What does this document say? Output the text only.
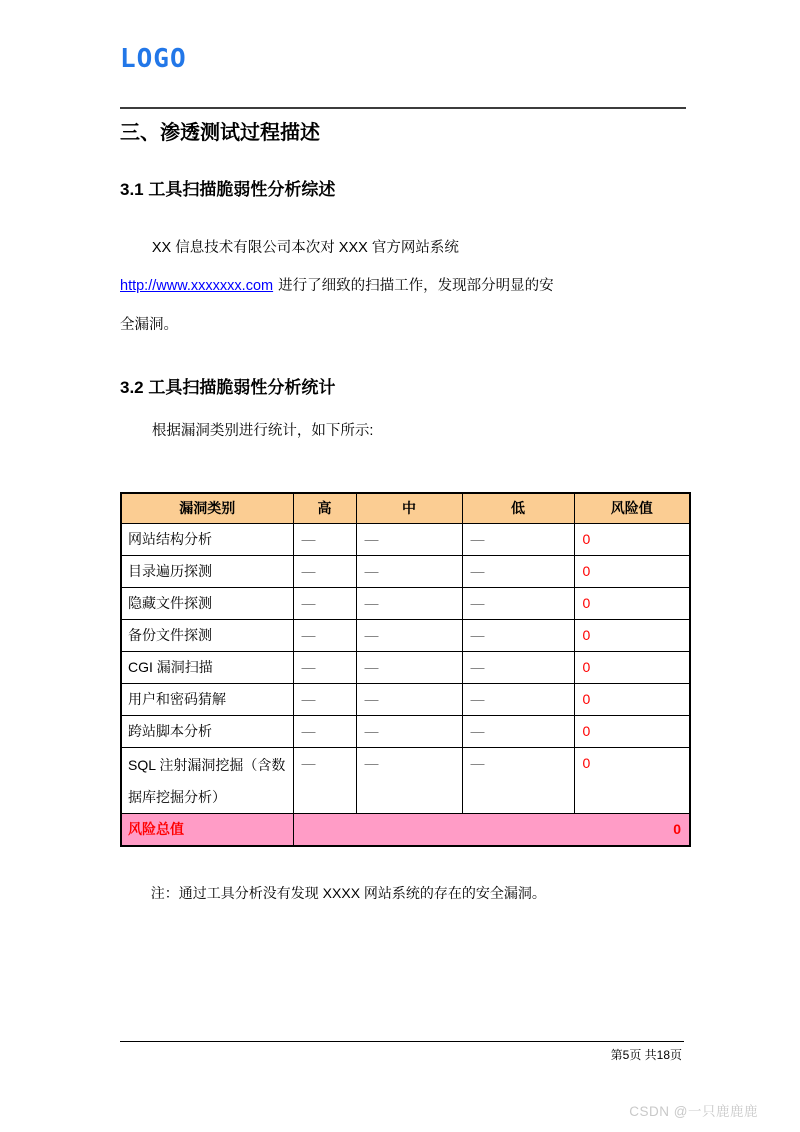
LOGO
三、渗透测试过程描述
3.1 工具扫描脆弱性分析综述

XX 信息技术有限公司本次对 XXX 官方网站系统
http://www.xxxxxxx.com 进行了细致的扫描工作，发现部分明显的安
全漏洞。

3.2 工具扫描脆弱性分析统计

根据漏洞类别进行统计，如下所示:

漏洞类别	高	中	低	风险值
网站结构分析	—	—	—	0
目录遍历探测	—	—	—	0
隐藏文件探测	—	—	—	0
备份文件探测	—	—	—	0
CGI 漏洞扫描	—	—	—	0
用户和密码猜解	—	—	—	0
跨站脚本分析	—	—	—	0
SQL 注射漏洞挖掘（含数据库挖掘分析）	—	—	—	0
风险总值	0			

注：通过工具分析没有发现 XXXX 网站系统的存在的安全漏洞。

第5页 共18页
CSDN @一只鹿鹿鹿
